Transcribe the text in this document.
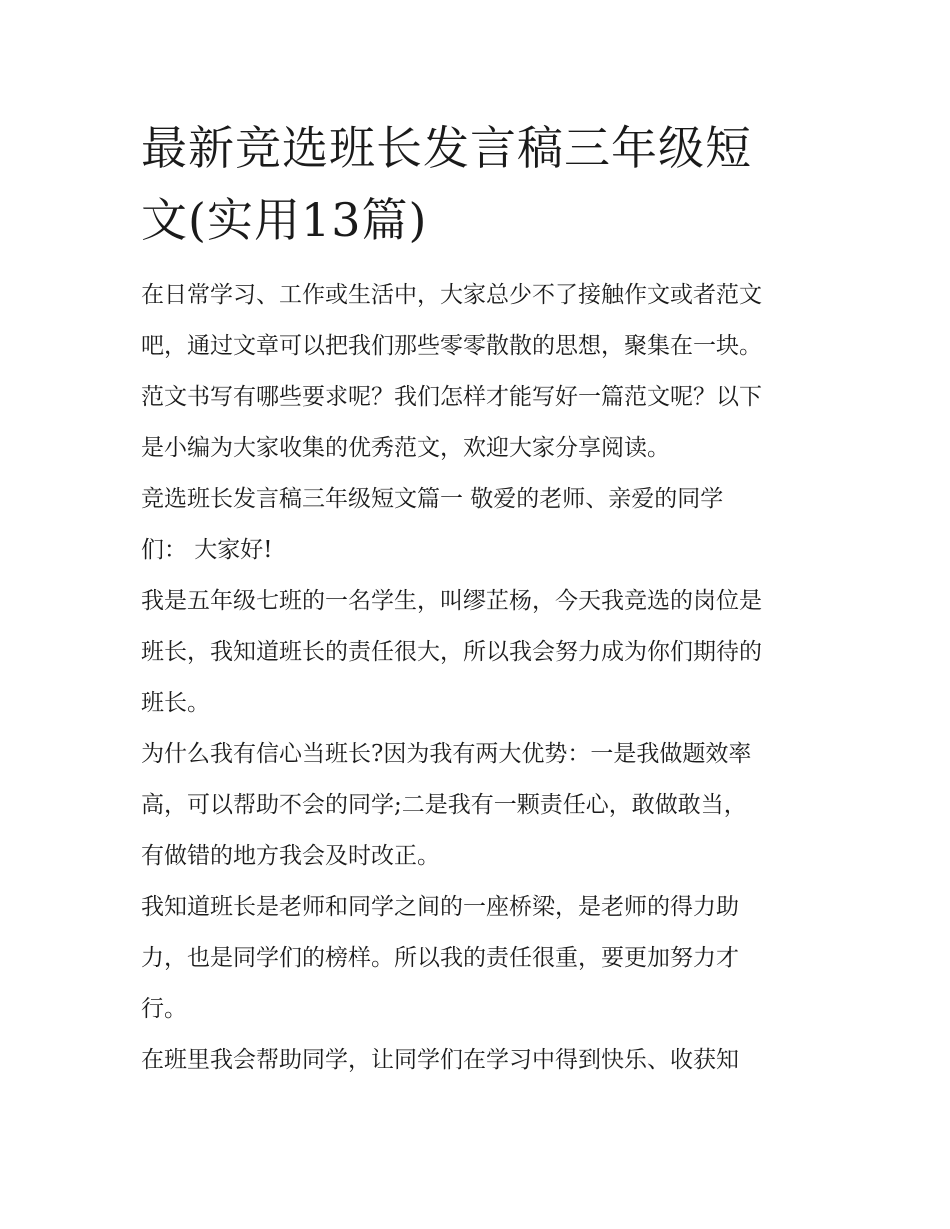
最新竞选班长发言稿三年级短
文(实用13篇)

在日常学习、工作或生活中，大家总少不了接触作文或者范文
吧，通过文章可以把我们那些零零散散的思想，聚集在一块。
范文书写有哪些要求呢？我们怎样才能写好一篇范文呢？以下
是小编为大家收集的优秀范文，欢迎大家分享阅读。

竞选班长发言稿三年级短文篇一 敬爱的老师、亲爱的同学
们： 大家好!

我是五年级七班的一名学生，叫缪芷杨，今天我竞选的岗位是
班长，我知道班长的责任很大，所以我会努力成为你们期待的
班长。

为什么我有信心当班长?因为我有两大优势：一是我做题效率
高，可以帮助不会的同学;二是我有一颗责任心，敢做敢当，
有做错的地方我会及时改正。

我知道班长是老师和同学之间的一座桥梁，是老师的得力助
力，也是同学们的榜样。所以我的责任很重，要更加努力才
行。

在班里我会帮助同学，让同学们在学习中得到快乐、收获知
